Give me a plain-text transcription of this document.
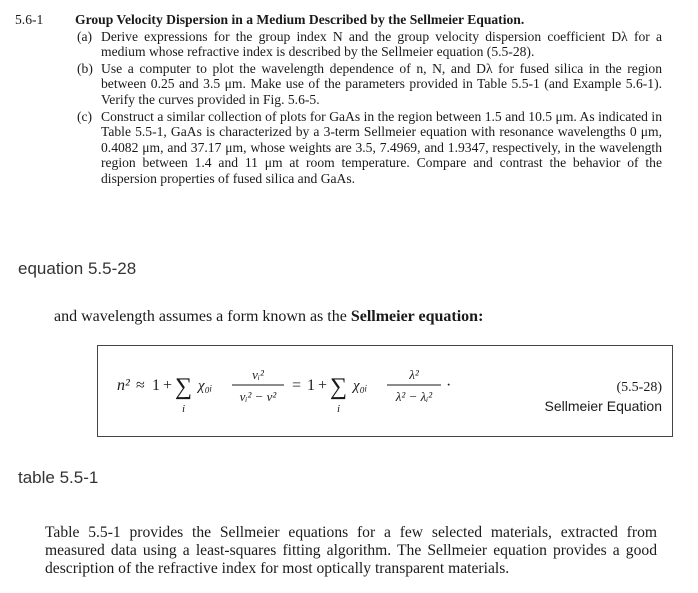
5.6-1	Group Velocity Dispersion in a Medium Described by the Sellmeier Equation.
(a) Derive expressions for the group index N and the group velocity dispersion coefficient Dλ for a medium whose refractive index is described by the Sellmeier equation (5.5-28).
(b) Use a computer to plot the wavelength dependence of n, N, and Dλ for fused silica in the region between 0.25 and 3.5 μm. Make use of the parameters provided in Table 5.5-1 (and Example 5.6-1). Verify the curves provided in Fig. 5.6-5.
(c) Construct a similar collection of plots for GaAs in the region between 1.5 and 10.5 μm. As indicated in Table 5.5-1, GaAs is characterized by a 3-term Sellmeier equation with resonance wavelengths 0 μm, 0.4082 μm, and 37.17 μm, whose weights are 3.5, 7.4969, and 1.9347, respectively, in the wavelength region between 1.4 and 11 μm at room temperature. Compare and contrast the behavior of the dispersion properties of fused silica and GaAs.
equation 5.5-28
and wavelength assumes a form known as the Sellmeier equation:
n² ≈ 1 + ∑
i
χ₀ᵢ
νᵢ²
νᵢ² − ν²
= 1 + ∑
i
χ₀ᵢ
λ²
λ² − λᵢ²
·	(5.5-28)
Sellmeier Equation
table 5.5-1
Table 5.5-1 provides the Sellmeier equations for a few selected materials, extracted from measured data using a least-squares fitting algorithm. The Sellmeier equation provides a good description of the refractive index for most optically transparent materials.
